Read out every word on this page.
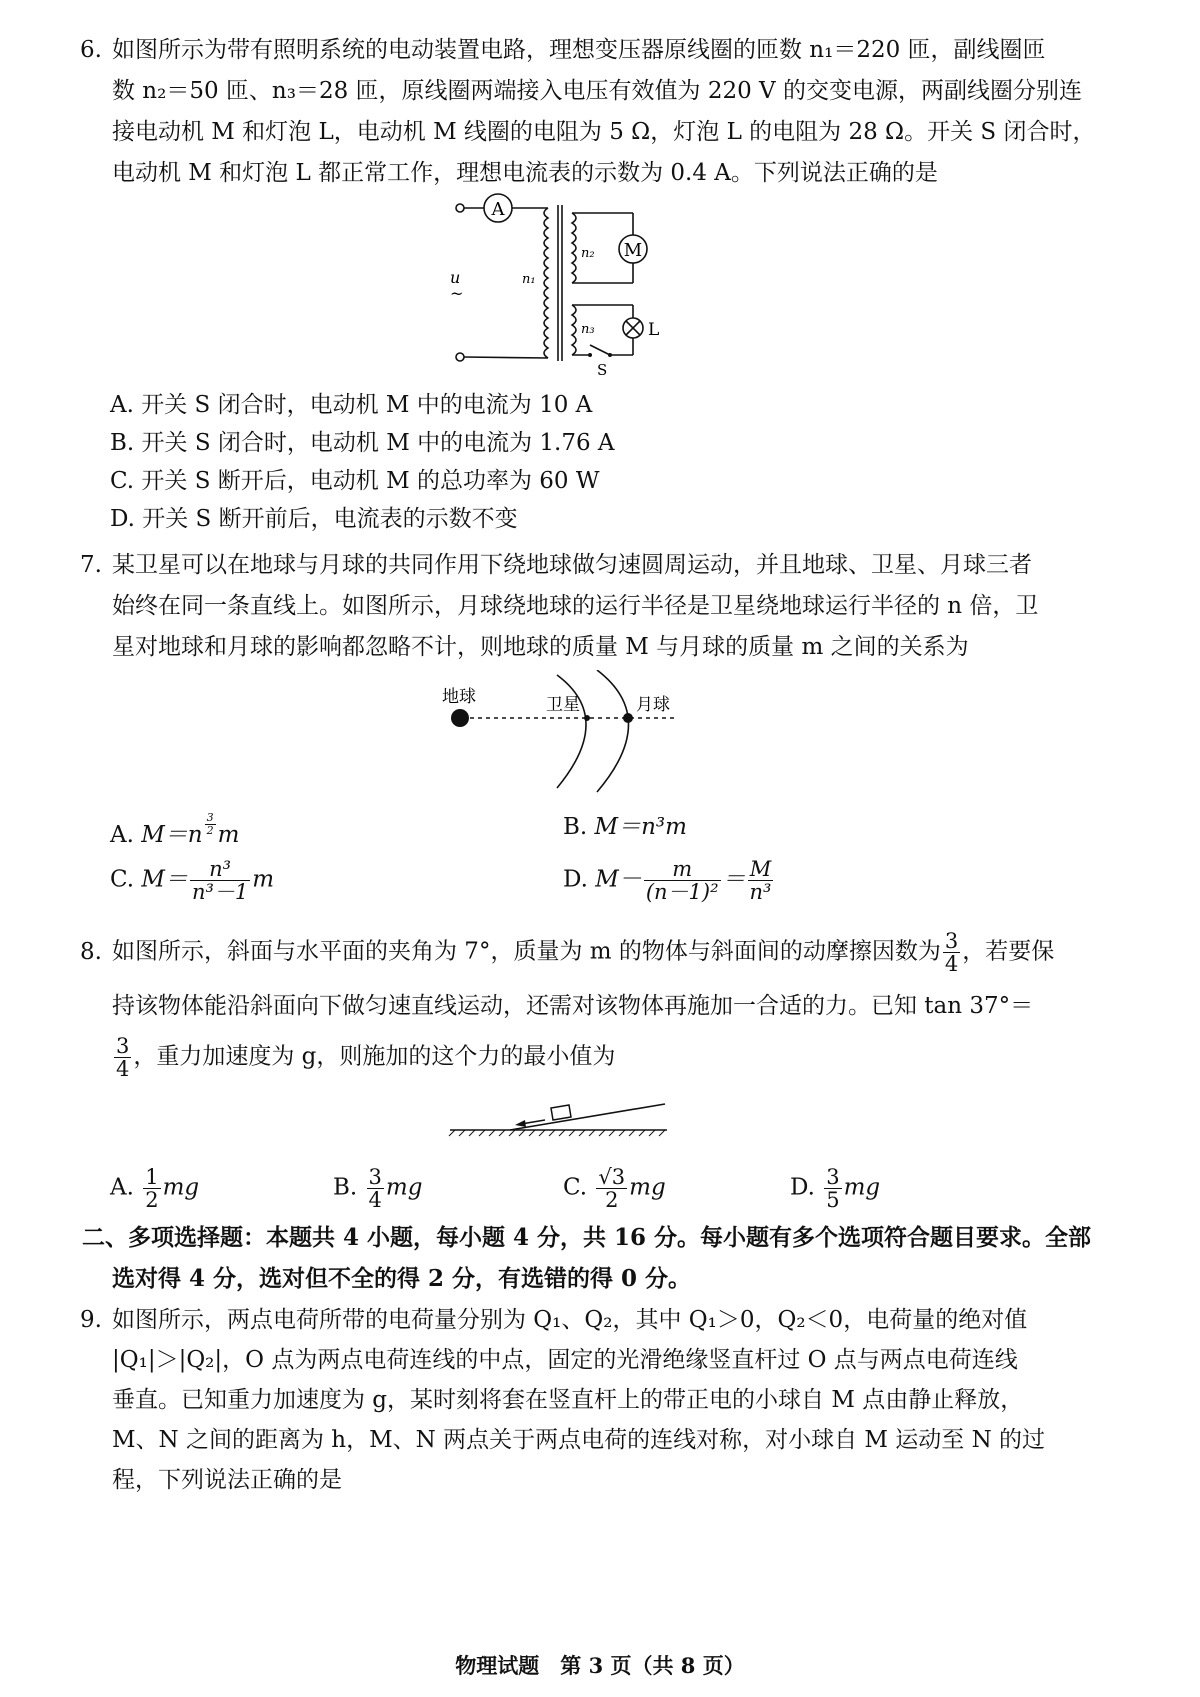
6. 如图所示为带有照明系统的电动装置电路，理想变压器原线圈的匝数 n₁＝220 匝，副线圈匝
数 n₂＝50 匝、n₃＝28 匝，原线圈两端接入电压有效值为 220 V 的交变电源，两副线圈分别连
接电动机 M 和灯泡 L，电动机 M 线圈的电阻为 5 Ω，灯泡 L 的电阻为 28 Ω。开关 S 闭合时，
电动机 M 和灯泡 L 都正常工作，理想电流表的示数为 0.4 A。下列说法正确的是
A
M
L
S
u
~
n₁
n₂
n₃
A. 开关 S 闭合时，电动机 M 中的电流为 10 A
B. 开关 S 闭合时，电动机 M 中的电流为 1.76 A
C. 开关 S 断开后，电动机 M 的总功率为 60 W
D. 开关 S 断开前后，电流表的示数不变
7. 某卫星可以在地球与月球的共同作用下绕地球做匀速圆周运动，并且地球、卫星、月球三者
始终在同一条直线上。如图所示，月球绕地球的运行半径是卫星绕地球运行半径的 n 倍，卫
星对地球和月球的影响都忽略不计，则地球的质量 M 与月球的质量 m 之间的关系为
地球	卫星	月球
A. $M=n \frac{3}{2}$ m	B. M＝n³m
C. $M= \frac{\text{n³}}{\text{n³－1}}$ m	D. $M- \frac{m}{\text{(n－1)²}} = \frac{M}{\text{n³}}$
8. 如图所示，斜面与水平面的夹角为 7°，质量为 m 的物体与斜面间的动摩擦因数为 $\frac{3}{4}$ ，若要保
持该物体能沿斜面向下做匀速直线运动，还需对该物体再施加一合适的力。已知 tan 37°＝
$\frac{3}{4}$ ，重力加速度为 g，则施加的这个力的最小值为
A. $\frac{1}{2}$ mg	B. $\frac{3}{4}$ mg	C. $\frac{√3}{2}$ mg	D. $\frac{3}{5}$ mg
二、多项选择题：本题共 4 小题，每小题 4 分，共 16 分。每小题有多个选项符合题目要求。全部
选对得 4 分，选对但不全的得 2 分，有选错的得 0 分。
9. 如图所示，两点电荷所带的电荷量分别为 Q₁、Q₂，其中 Q₁＞0，Q₂＜0，电荷量的绝对值
|Q₁|＞|Q₂|，O 点为两点电荷连线的中点，固定的光滑绝缘竖直杆过 O 点与两点电荷连线
垂直。已知重力加速度为 g，某时刻将套在竖直杆上的带正电的小球自 M 点由静止释放，
M、N 之间的距离为 h，M、N 两点关于两点电荷的连线对称，对小球自 M 运动至 N 的过
程，下列说法正确的是
物理试题　第 3 页（共 8 页）
